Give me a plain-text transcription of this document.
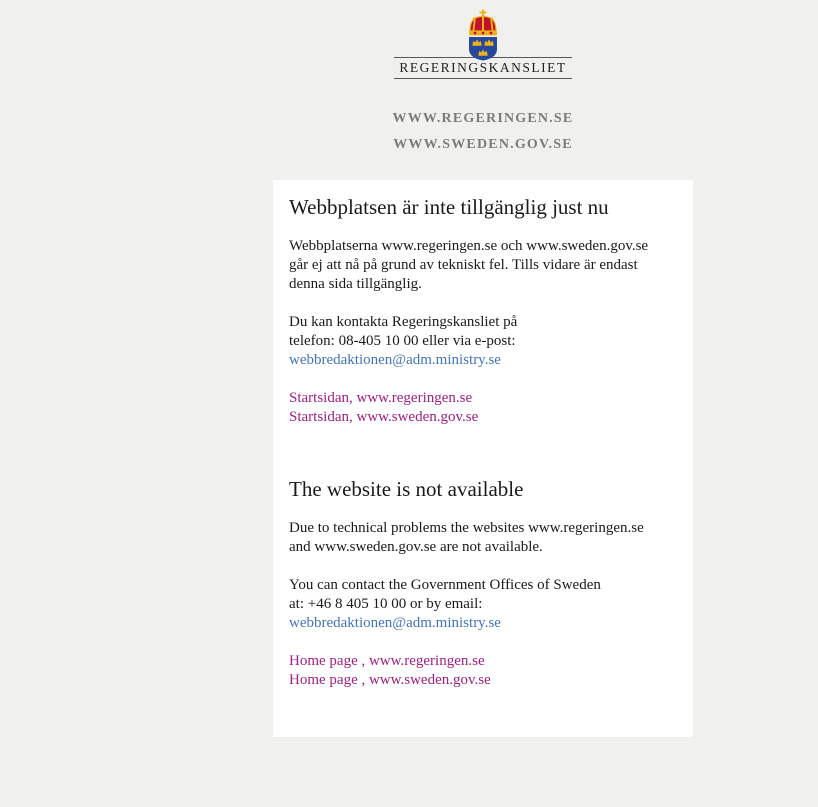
REGERINGSKANSLIET
WWW.REGERINGEN.SE
WWW.SWEDEN.GOV.SE
Webbplatsen är inte tillgänglig just nu

Webbplatserna www.regeringen.se och www.sweden.gov.se
går ej att nå på grund av tekniskt fel. Tills vidare är endast
denna sida tillgänglig.

Du kan kontakta Regeringskansliet på
telefon: 08-405 10 00 eller via e-post:
webbredaktionen@adm.ministry.se

Startsidan, www.regeringen.se
Startsidan, www.sweden.gov.se

The website is not available

Due to technical problems the websites www.regeringen.se
and www.sweden.gov.se are not available.

You can contact the Government Offices of Sweden
at: +46 8 405 10 00 or by email:
webbredaktionen@adm.ministry.se

Home page , www.regeringen.se
Home page , www.sweden.gov.se
